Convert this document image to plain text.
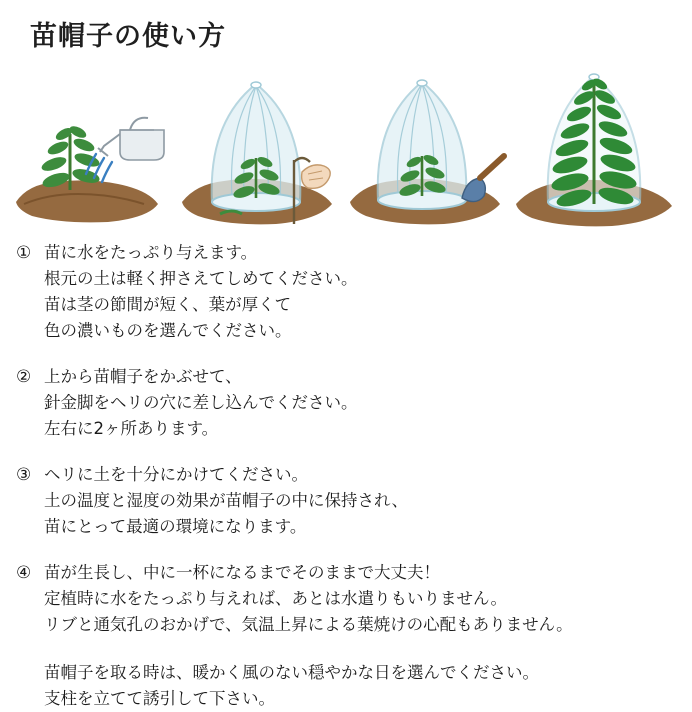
苗帽子の使い方
① 苗に水をたっぷり与えます。
根元の土は軽く押さえてしめてください。
苗は茎の節間が短く、葉が厚くて
色の濃いものを選んでください。
② 上から苗帽子をかぶせて、
針金脚をヘリの穴に差し込んでください。
左右に2ヶ所あります。
③ ヘリに土を十分にかけてください。
土の温度と湿度の効果が苗帽子の中に保持され、
苗にとって最適の環境になります。
④ 苗が生長し、中に一杯になるまでそのままで大丈夫！
定植時に水をたっぷり与えれば、あとは水遣りもいりません。
リブと通気孔のおかげで、気温上昇による葉焼けの心配もありません。
苗帽子を取る時は、暖かく風のない穏やかな日を選んでください。
支柱を立てて誘引して下さい。
